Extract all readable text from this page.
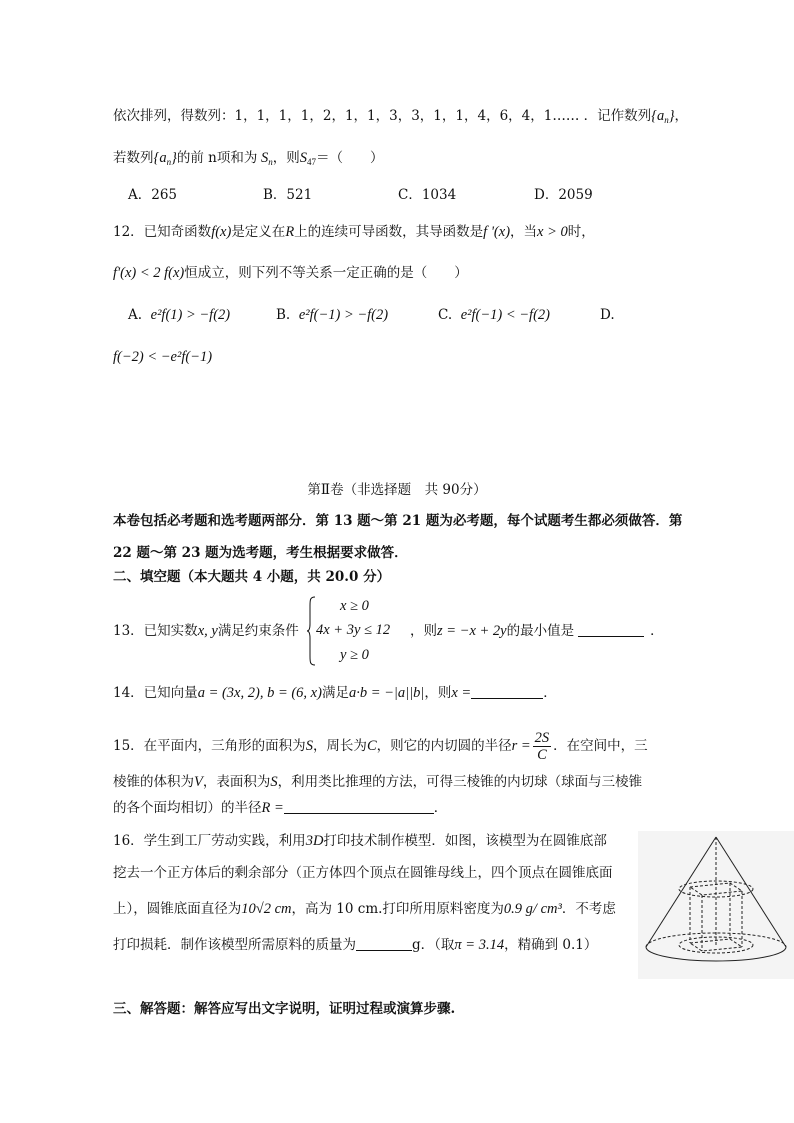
依次排列，得数列：1，1，1，1，2，1，1，3，3，1，1，4，6，4，1…… ．记作数列$\{a_n\}$，
若数列$\{a_n\}$的前 n项和为 $S_n$，则$S_{47}=$（　　）
A．265	B．521	C．1034	D．2059
12．已知奇函数f(x)是定义在R上的连续可导函数，其导函数是f '(x)，当x > 0时，
f'(x) < 2 f(x)恒成立，则下列不等关系一定正确的是（　　）
A. e²f(1) > −f(2)	B. e²f(−1) > −f(2)	C. e²f(−1) < −f(2)	D.
f(−2) < −e²f(−1)
第Ⅱ卷（非选择题　共 90分）
本卷包括必考题和选考题两部分．第 13 题～第 21 题为必考题，每个试题考生都必须做答．第
22 题～第 23 题为选考题，考生根据要求做答．
二、填空题（本大题共 4 小题，共 20.0 分）
13．已知实数x, y满足约束条件
x ≥ 0
4x + 3y ≤ 12
y ≥ 0
，则z = −x + 2y的最小值是	．
14．已知向量a = (3x, 2), b = (6, x)满足a·b = −|a||b|，则x =	．
15．在平面内，三角形的面积为S，周长为C，则它的内切圆的半径$r = \frac{2S}{C}$ ．在空间中，三
棱锥的体积为V，表面积为S，利用类比推理的方法，可得三棱锥的内切球（球面与三棱锥
的各个面均相切）的半径R =	．
16．学生到工厂劳动实践，利用3D打印技术制作模型．如图，该模型为在圆锥底部
挖去一个正方体后的剩余部分（正方体四个顶点在圆锥母线上，四个顶点在圆锥底面
上），圆锥底面直径为10√2 cm，高为 10 cm.打印所用原料密度为0.9 g/ cm³．不考虑
打印损耗．制作该模型所需原料的质量为	g．（取π = 3.14，精确到 0.1）
三、解答题：解答应写出文字说明，证明过程或演算步骤.
